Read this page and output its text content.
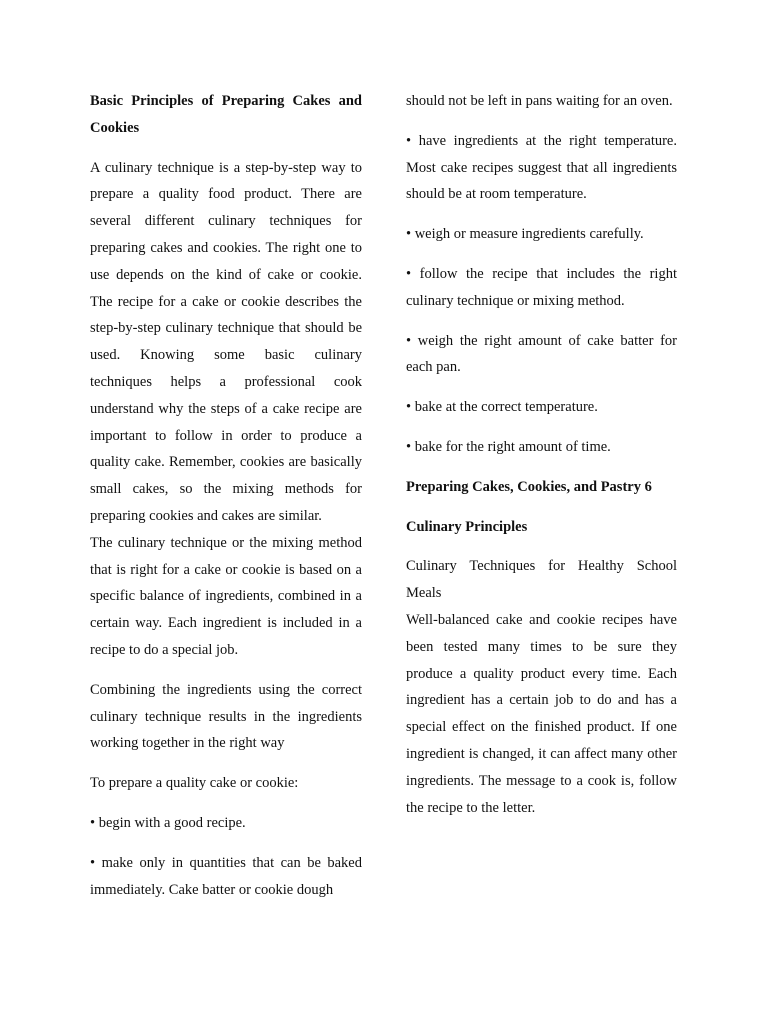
Basic Principles of Preparing Cakes and Cookies

A culinary technique is a step-by-step way to prepare a quality food product. There are several different culinary techniques for preparing cakes and cookies. The right one to use depends on the kind of cake or cookie. The recipe for a cake or cookie describes the step-by-step culinary technique that should be used. Knowing some basic culinary techniques helps a professional cook understand why the steps of a cake recipe are important to follow in order to produce a quality cake. Remember, cookies are basically small cakes, so the mixing methods for preparing cookies and cakes are similar.

The culinary technique or the mixing method that is right for a cake or cookie is based on a specific balance of ingredients, combined in a certain way. Each ingredient is included in a recipe to do a special job.

Combining the ingredients using the correct culinary technique results in the ingredients working together in the right way

To prepare a quality cake or cookie:

• begin with a good recipe.

• make only in quantities that can be baked immediately. Cake batter or cookie dough

should not be left in pans waiting for an oven.

• have ingredients at the right temperature. Most cake recipes suggest that all ingredients should be at room temperature.

• weigh or measure ingredients carefully.

• follow the recipe that includes the right culinary technique or mixing method.

• weigh the right amount of cake batter for each pan.

• bake at the correct temperature.

• bake for the right amount of time.

Preparing Cakes, Cookies, and Pastry 6
Culinary Principles

Culinary Techniques for Healthy School Meals

Well-balanced cake and cookie recipes have been tested many times to be sure they produce a quality product every time. Each ingredient has a certain job to do and has a special effect on the finished product. If one ingredient is changed, it can affect many other ingredients. The message to a cook is, follow the recipe to the letter.
